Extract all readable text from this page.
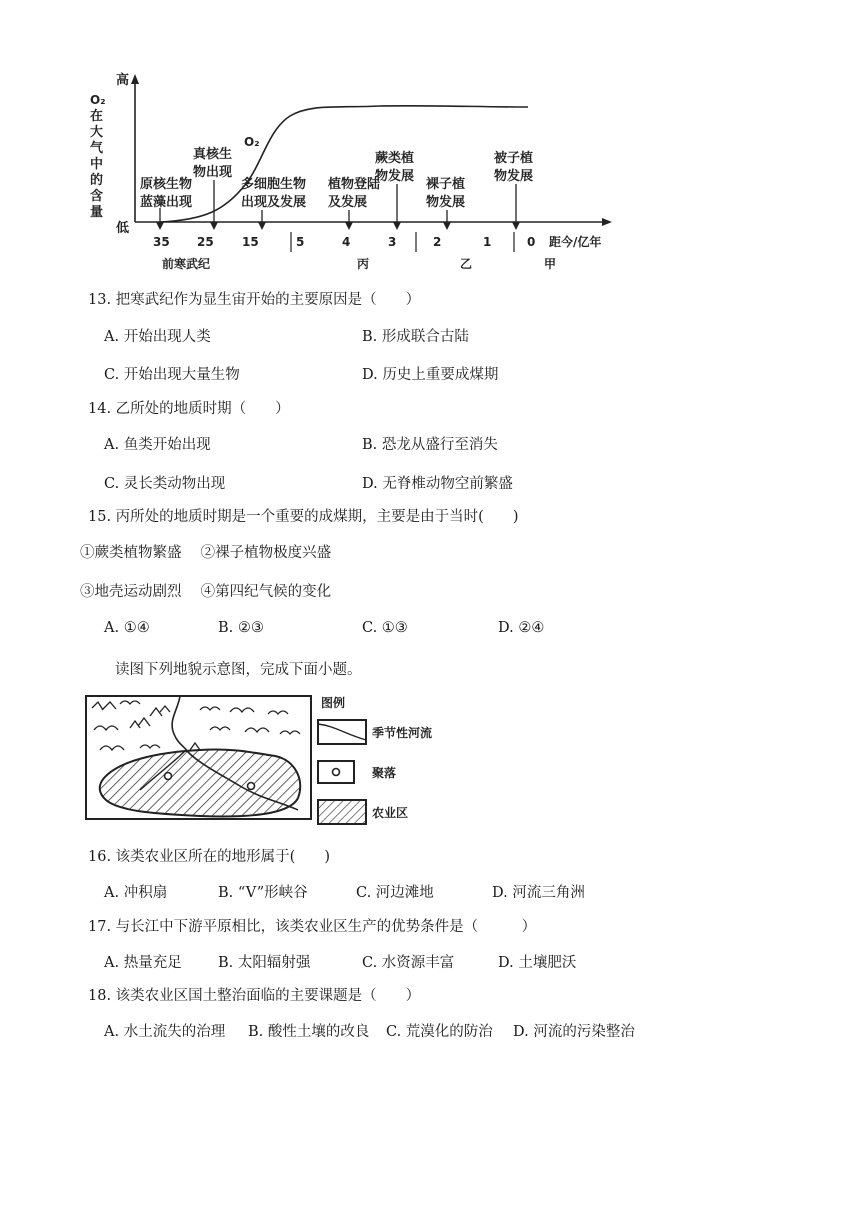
高
低
O₂
在
大
气
中
的
含
量
O₂
35 25 15	5	4	3	2	1	0 距今/亿年
前寒武纪	丙	乙	甲
原核生物
蓝藻出现
真核生
物出现
多细胞生物
出现及发展
植物登陆
及发展
蕨类植
物发展
裸子植
物发展
被子植
物发展
13. 把寒武纪作为显生宙开始的主要原因是（　　）
A. 开始出现人类	B. 形成联合古陆
C. 开始出现大量生物	D. 历史上重要成煤期
14. 乙所处的地质时期（　　）
A. 鱼类开始出现	B. 恐龙从盛行至消失
C. 灵长类动物出现	D. 无脊椎动物空前繁盛
15. 丙所处的地质时期是一个重要的成煤期，主要是由于当时(　　)
①蕨类植物繁盛　 ②裸子植物极度兴盛
③地壳运动剧烈　 ④第四纪气候的变化
A. ①④	B. ②③	C. ①③	D. ②④
读图下列地貌示意图，完成下面小题。
图例
季节性河流
聚落
农业区
16. 该类农业区所在的地形属于(　　)
A. 冲积扇	B. “V”形峡谷	C. 河边滩地	D. 河流三角洲
17. 与长江中下游平原相比，该类农业区生产的优势条件是（　　　）
A. 热量充足	B. 太阳辐射强	C. 水资源丰富	D. 土壤肥沃
18. 该类农业区国土整治面临的主要课题是（　　）
A. 水土流失的治理 B. 酸性土壤的改良 C. 荒漠化的防治 D. 河流的污染整治
